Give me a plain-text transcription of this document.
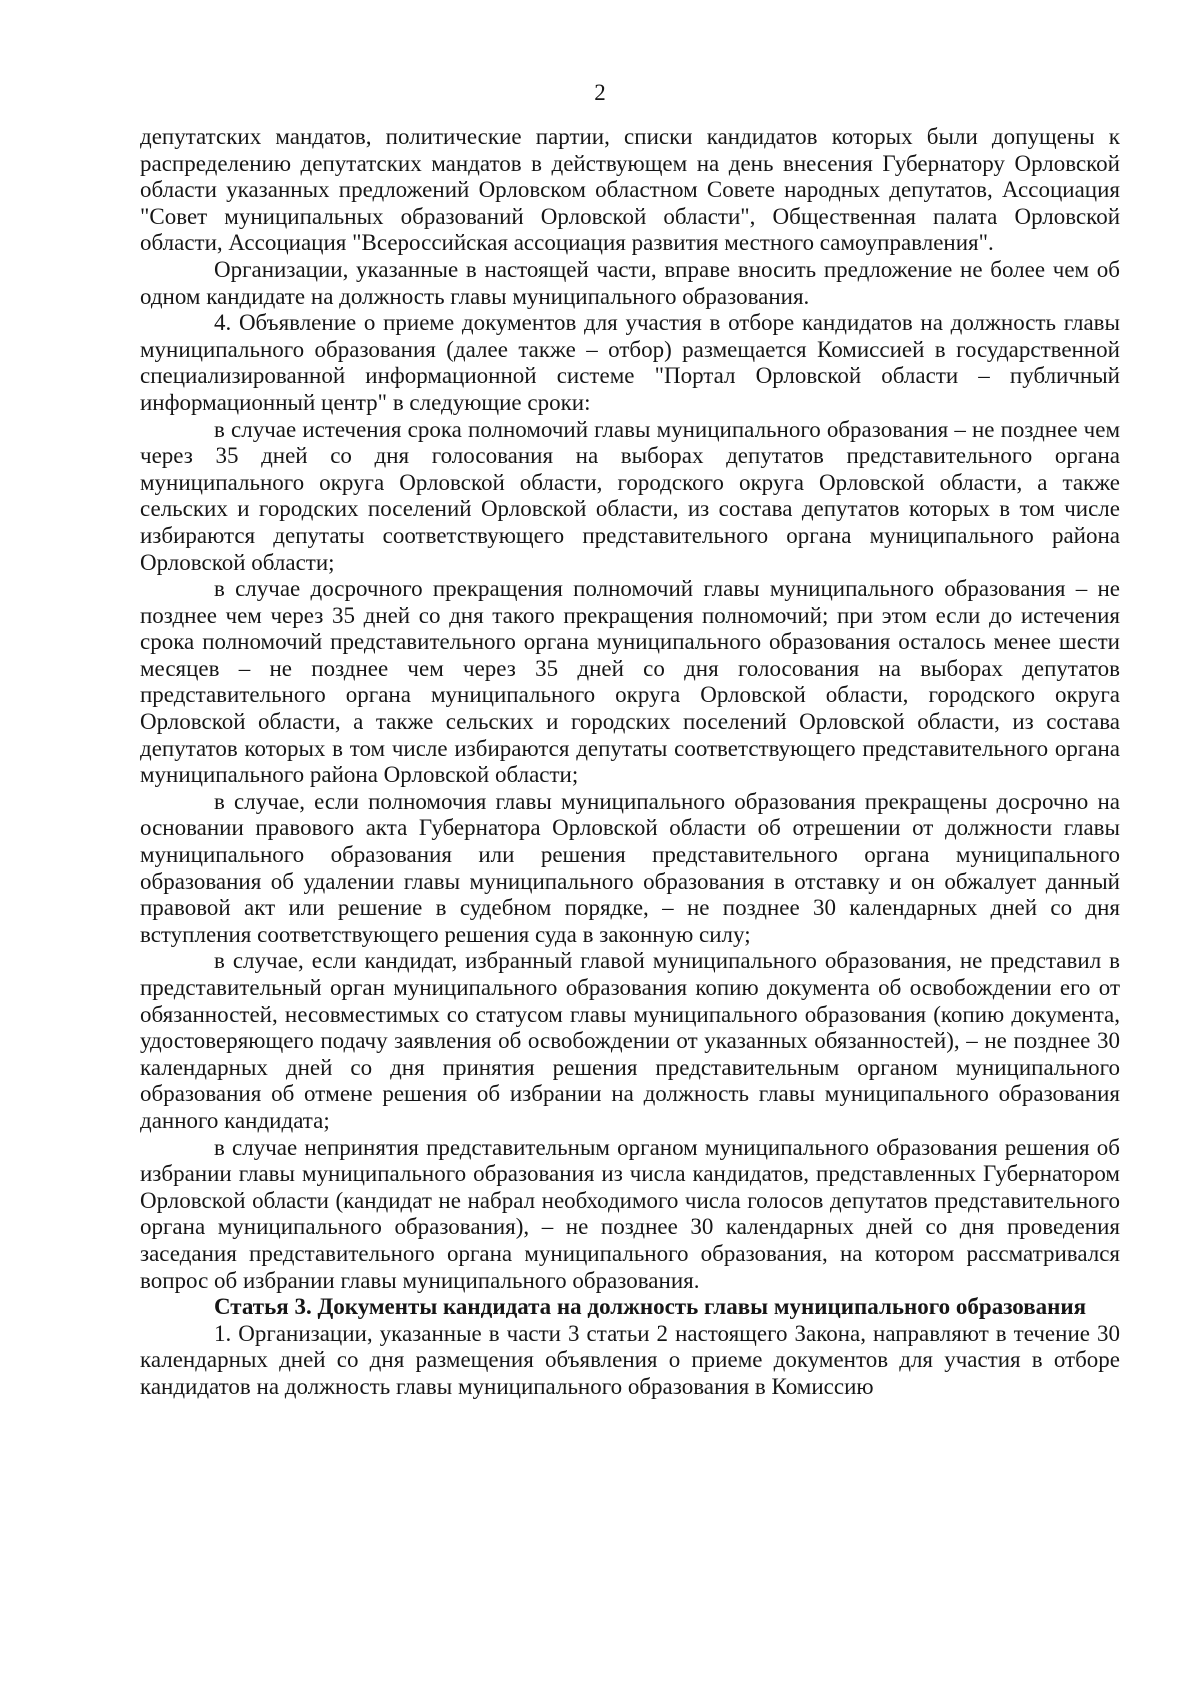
2

депутатских мандатов, политические партии, списки кандидатов которых были допущены к распределению депутатских мандатов в действующем на день внесения Губернатору Орловской области указанных предложений Орловском областном Совете народных депутатов, Ассоциация "Совет муниципальных образований Орловской области", Общественная палата Орловской области, Ассоциация "Всероссийская ассоциация развития местного самоуправления".

Организации, указанные в настоящей части, вправе вносить предложение не более чем об одном кандидате на должность главы муниципального образования.

4. Объявление о приеме документов для участия в отборе кандидатов на должность главы муниципального образования (далее также – отбор) размещается Комиссией в государственной специализированной информационной системе "Портал Орловской области – публичный информационный центр" в следующие сроки:

в случае истечения срока полномочий главы муниципального образования – не позднее чем через 35 дней со дня голосования на выборах депутатов представительного органа муниципального округа Орловской области, городского округа Орловской области, а также сельских и городских поселений Орловской области, из состава депутатов которых в том числе избираются депутаты соответствующего представительного органа муниципального района Орловской области;

в случае досрочного прекращения полномочий главы муниципального образования – не позднее чем через 35 дней со дня такого прекращения полномочий; при этом если до истечения срока полномочий представительного органа муниципального образования осталось менее шести месяцев – не позднее чем через 35 дней со дня голосования на выборах депутатов представительного органа муниципального округа Орловской области, городского округа Орловской области, а также сельских и городских поселений Орловской области, из состава депутатов которых в том числе избираются депутаты соответствующего представительного органа муниципального района Орловской области;

в случае, если полномочия главы муниципального образования прекращены досрочно на основании правового акта Губернатора Орловской области об отрешении от должности главы муниципального образования или решения представительного органа муниципального образования об удалении главы муниципального образования в отставку и он обжалует данный правовой акт или решение в судебном порядке, – не позднее 30 календарных дней со дня вступления соответствующего решения суда в законную силу;

в случае, если кандидат, избранный главой муниципального образования, не представил в представительный орган муниципального образования копию документа об освобождении его от обязанностей, несовместимых со статусом главы муниципального образования (копию документа, удостоверяющего подачу заявления об освобождении от указанных обязанностей), – не позднее 30 календарных дней со дня принятия решения представительным органом муниципального образования об отмене решения об избрании на должность главы муниципального образования данного кандидата;

в случае непринятия представительным органом муниципального образования решения об избрании главы муниципального образования из числа кандидатов, представленных Губернатором Орловской области (кандидат не набрал необходимого числа голосов депутатов представительного органа муниципального образования), – не позднее 30 календарных дней со дня проведения заседания представительного органа муниципального образования, на котором рассматривался вопрос об избрании главы муниципального образования.

Статья 3. Документы кандидата на должность главы муниципального образования

1. Организации, указанные в части 3 статьи 2 настоящего Закона, направляют в течение 30 календарных дней со дня размещения объявления о приеме документов для участия в отборе кандидатов на должность главы муниципального образования в Комиссию
